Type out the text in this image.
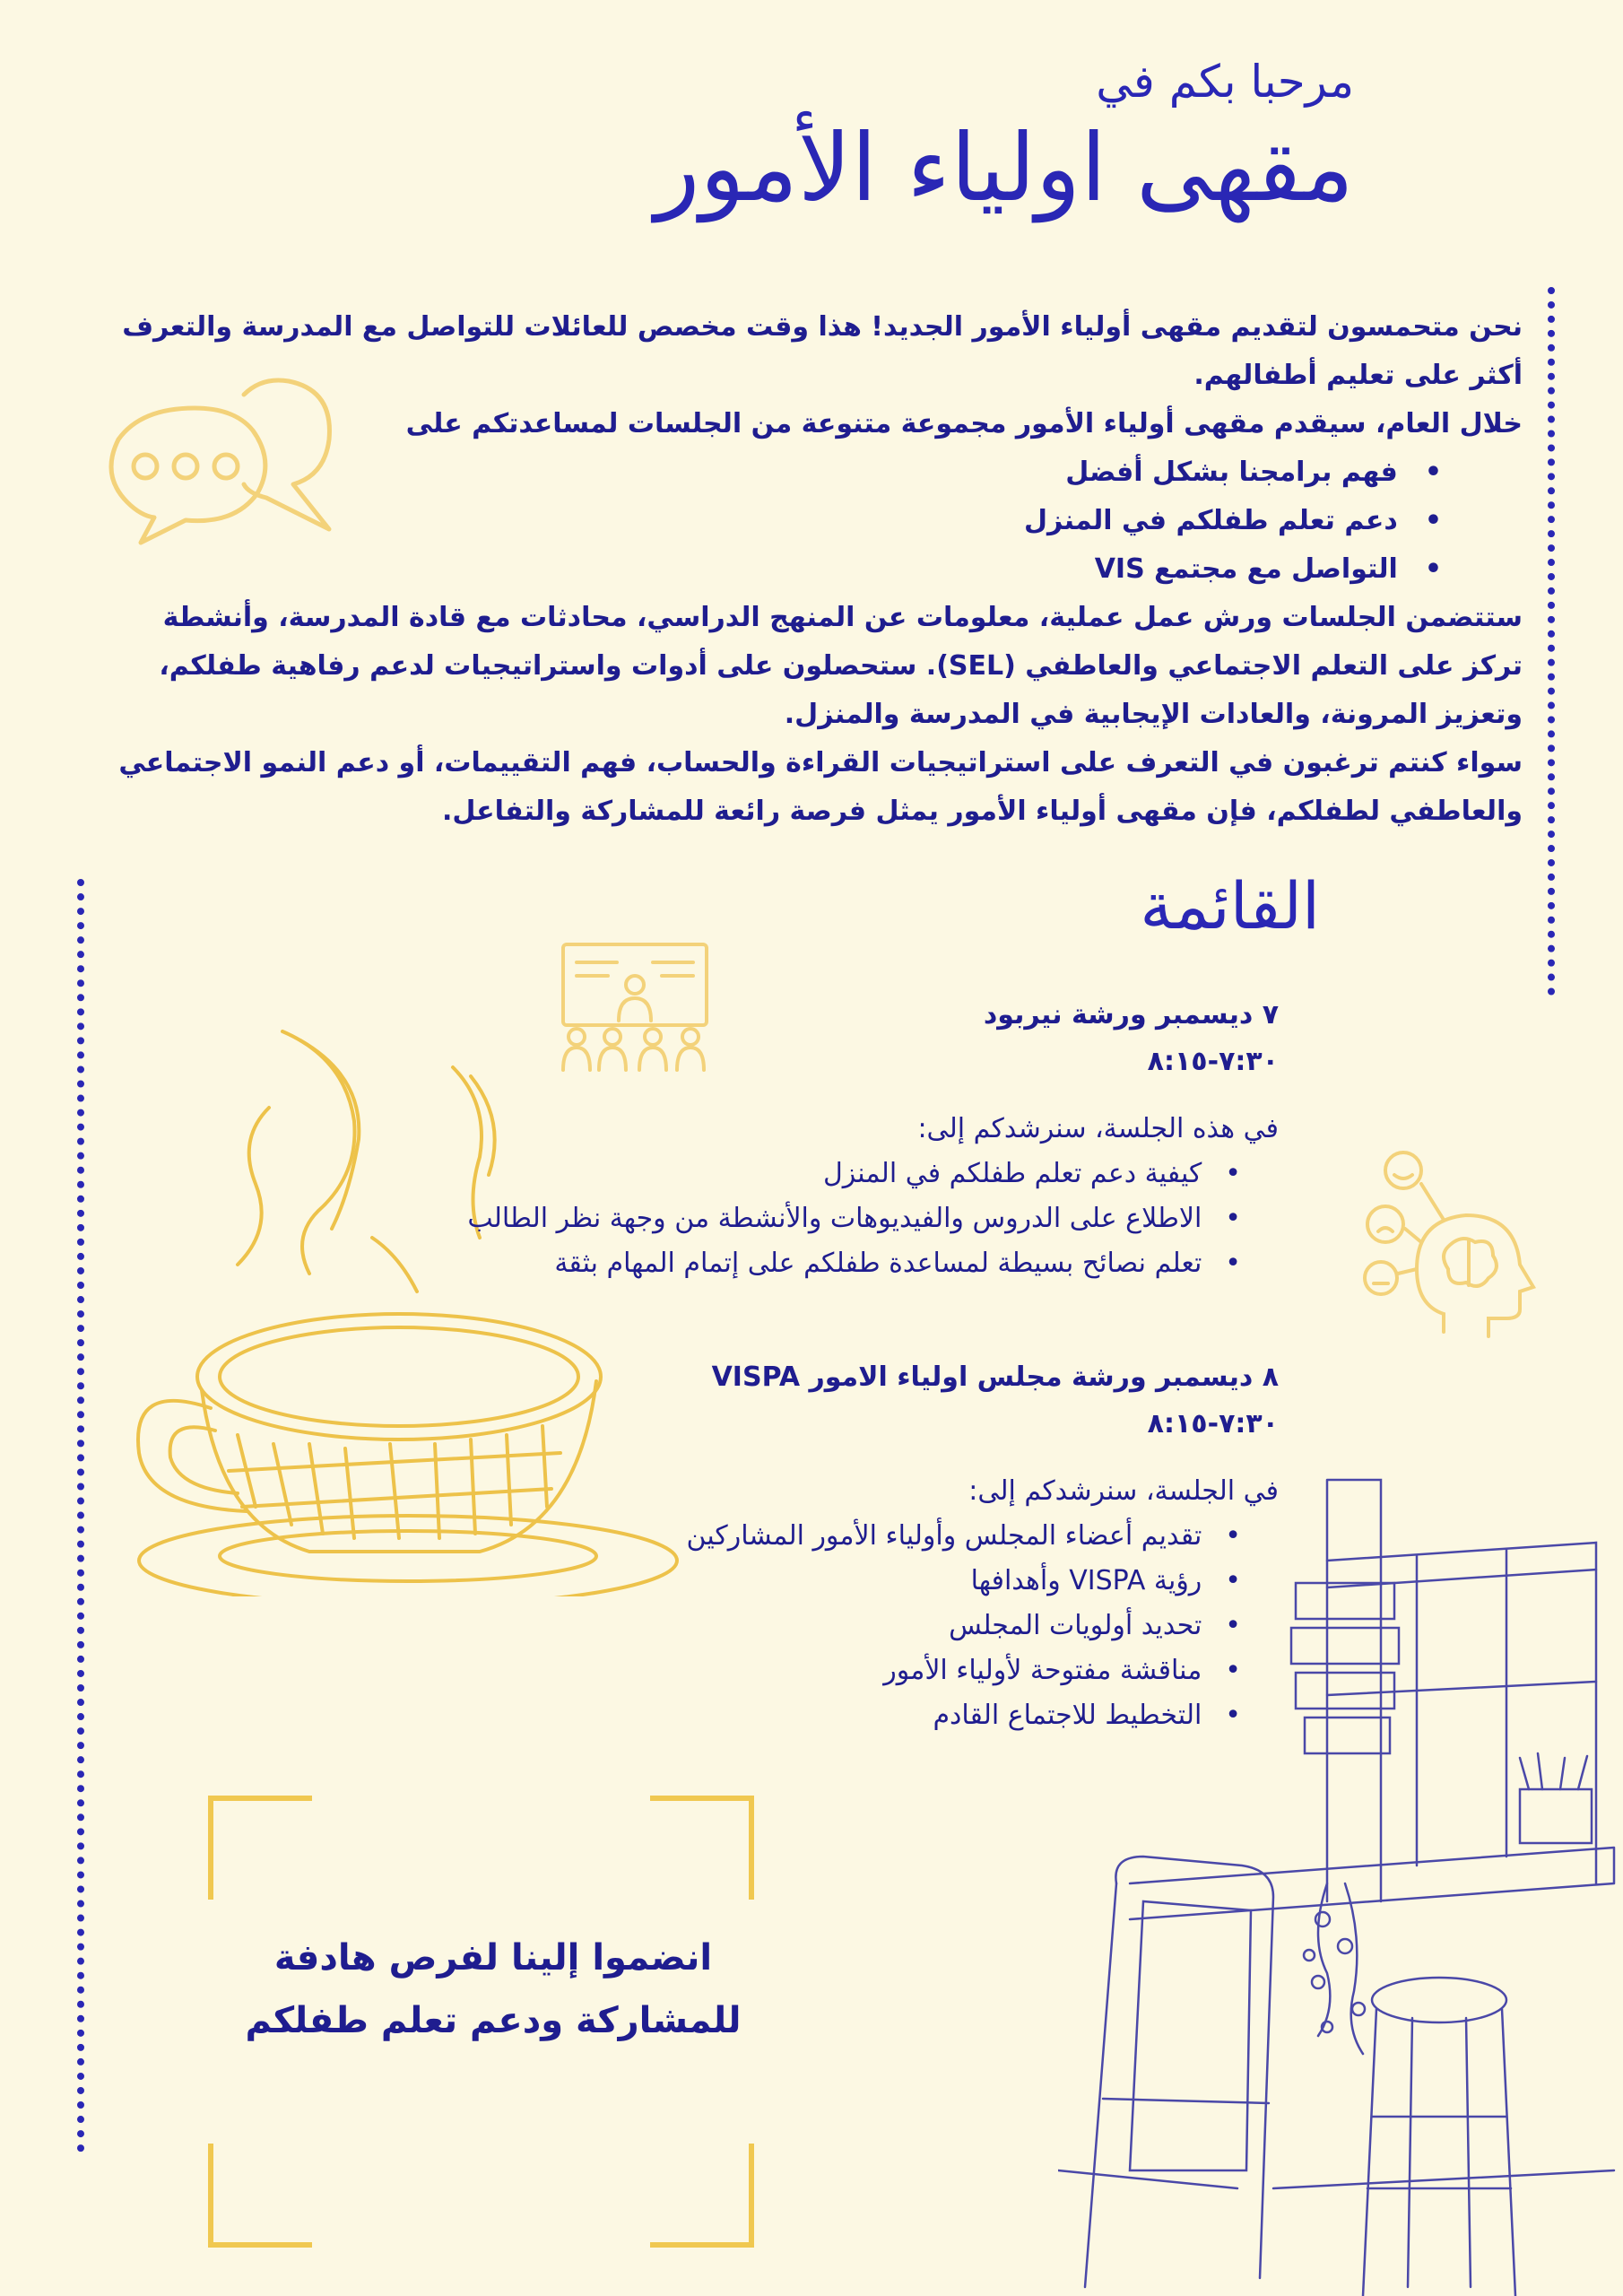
مرحبا بكم في
مقهى اولياء الأمور

نحن متحمسون لتقديم مقهى أولياء الأمور الجديد! هذا وقت مخصص للعائلات للتواصل مع المدرسة والتعرف أكثر على تعليم أطفالهم.

خلال العام، سيقدم مقهى أولياء الأمور مجموعة متنوعة من الجلسات لمساعدتكم على

• فهم برامجنا بشكل أفضل
• دعم تعلم طفلكم في المنزل
• التواصل مع مجتمع VIS

ستتضمن الجلسات ورش عمل عملية، معلومات عن المنهج الدراسي، محادثات مع قادة المدرسة، وأنشطة تركز على التعلم الاجتماعي والعاطفي (SEL). ستحصلون على أدوات واستراتيجيات لدعم رفاهية طفلكم، وتعزيز المرونة، والعادات الإيجابية في المدرسة والمنزل.

سواء كنتم ترغبون في التعرف على استراتيجيات القراءة والحساب، فهم التقييمات، أو دعم النمو الاجتماعي والعاطفي لطفلكم، فإن مقهى أولياء الأمور يمثل فرصة رائعة للمشاركة والتفاعل.

القائمة
٧ ديسمبر ورشة نيربود
٧:٣٠-٨:١٥
في هذه الجلسة، سنرشدكم إلى:
• كيفية دعم تعلم طفلكم في المنزل
• الاطلاع على الدروس والفيديوهات والأنشطة من وجهة نظر الطالب
• تعلم نصائح بسيطة لمساعدة طفلكم على إتمام المهام بثقة
٨ ديسمبر ورشة مجلس اولياء الامور VISPA
٧:٣٠-٨:١٥
في الجلسة، سنرشدكم إلى:
• تقديم أعضاء المجلس وأولياء الأمور المشاركين
• رؤية VISPA وأهدافها
• تحديد أولويات المجلس
• مناقشة مفتوحة لأولياء الأمور
• التخطيط للاجتماع القادم
انضموا إلينا لفرص هادفة للمشاركة ودعم تعلم طفلكم
